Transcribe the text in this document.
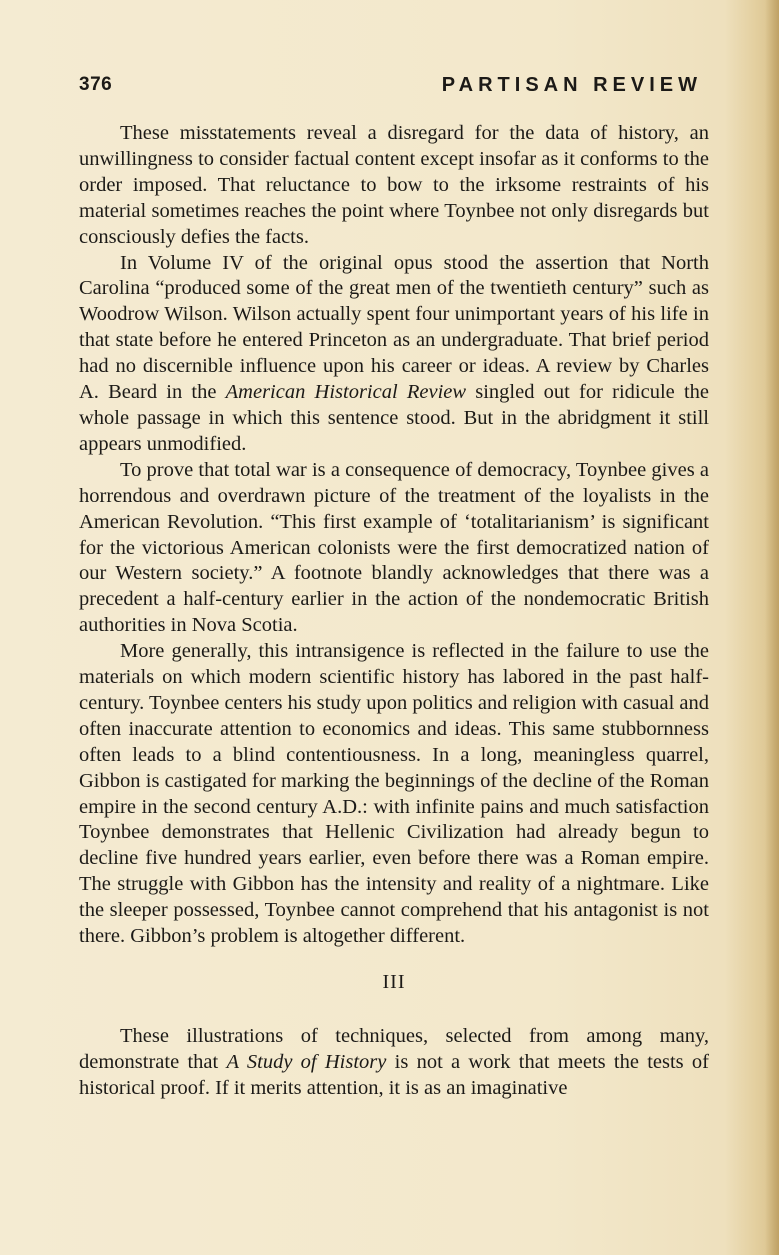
376	PARTISAN REVIEW

These misstatements reveal a disregard for the data of history, an unwillingness to consider factual content except insofar as it conforms to the order imposed. That reluctance to bow to the irksome restraints of his material sometimes reaches the point where Toynbee not only disregards but consciously defies the facts.

In Volume IV of the original opus stood the assertion that North Carolina “produced some of the great men of the twentieth century” such as Woodrow Wilson. Wilson actually spent four unimportant years of his life in that state before he entered Princeton as an undergraduate. That brief period had no discernible influence upon his career or ideas. A review by Charles A. Beard in the American Historical Review singled out for ridicule the whole passage in which this sentence stood. But in the abridgment it still appears unmodified.

To prove that total war is a consequence of democracy, Toynbee gives a horrendous and overdrawn picture of the treatment of the loyalists in the American Revolution. “This first example of ‘totalitarianism’ is significant for the victorious American colonists were the first democratized nation of our Western society.” A footnote blandly acknowledges that there was a precedent a half-century earlier in the action of the nondemocratic British authorities in Nova Scotia.

More generally, this intransigence is reflected in the failure to use the materials on which modern scientific history has labored in the past half-century. Toynbee centers his study upon politics and religion with casual and often inaccurate attention to economics and ideas. This same stubbornness often leads to a blind contentiousness. In a long, meaningless quarrel, Gibbon is castigated for marking the beginnings of the decline of the Roman empire in the second century A.D.: with infinite pains and much satisfaction Toynbee demonstrates that Hellenic Civilization had already begun to decline five hundred years earlier, even before there was a Roman empire. The struggle with Gibbon has the intensity and reality of a nightmare. Like the sleeper possessed, Toynbee cannot comprehend that his antagonist is not there. Gibbon’s problem is altogether different.

III

These illustrations of techniques, selected from among many, demonstrate that A Study of History is not a work that meets the tests of historical proof. If it merits attention, it is as an imaginative
